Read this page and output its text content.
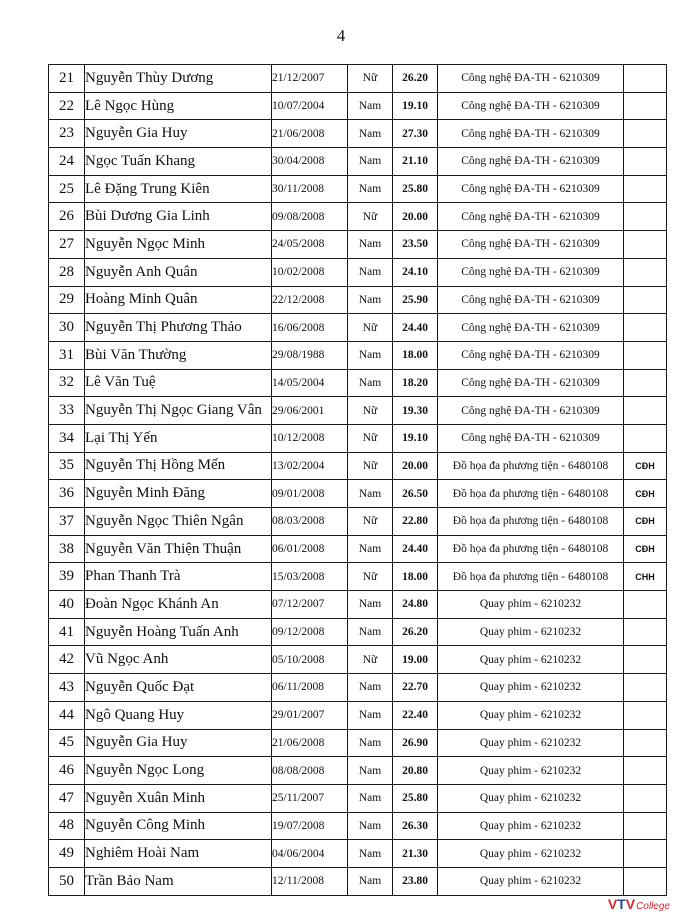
4
21	Nguyễn Thùy Dương	21/12/2007	Nữ	26.20	Công nghệ ĐA-TH - 6210309	
22	Lê Ngọc Hùng	10/07/2004	Nam	19.10	Công nghệ ĐA-TH - 6210309	
23	Nguyễn Gia Huy	21/06/2008	Nam	27.30	Công nghệ ĐA-TH - 6210309	
24	Ngọc Tuấn Khang	30/04/2008	Nam	21.10	Công nghệ ĐA-TH - 6210309	
25	Lê Đặng Trung Kiên	30/11/2008	Nam	25.80	Công nghệ ĐA-TH - 6210309	
26	Bùi Dương Gia Linh	09/08/2008	Nữ	20.00	Công nghệ ĐA-TH - 6210309	
27	Nguyễn Ngọc Minh	24/05/2008	Nam	23.50	Công nghệ ĐA-TH - 6210309	
28	Nguyễn Anh Quân	10/02/2008	Nam	24.10	Công nghệ ĐA-TH - 6210309	
29	Hoàng Minh Quân	22/12/2008	Nam	25.90	Công nghệ ĐA-TH - 6210309	
30	Nguyễn Thị Phương Thảo	16/06/2008	Nữ	24.40	Công nghệ ĐA-TH - 6210309	
31	Bùi Văn Thường	29/08/1988	Nam	18.00	Công nghệ ĐA-TH - 6210309	
32	Lê Văn Tuệ	14/05/2004	Nam	18.20	Công nghệ ĐA-TH - 6210309	
33	Nguyễn Thị Ngọc Giang Vân	29/06/2001	Nữ	19.30	Công nghệ ĐA-TH - 6210309	
34	Lại Thị Yến	10/12/2008	Nữ	19.10	Công nghệ ĐA-TH - 6210309	
35	Nguyễn Thị Hồng Mến	13/02/2004	Nữ	20.00	Đồ họa đa phương tiện - 6480108	CĐH
36	Nguyễn Minh Đăng	09/01/2008	Nam	26.50	Đồ họa đa phương tiện - 6480108	CĐH
37	Nguyễn Ngọc Thiên Ngân	08/03/2008	Nữ	22.80	Đồ họa đa phương tiện - 6480108	CĐH
38	Nguyễn Văn Thiện Thuận	06/01/2008	Nam	24.40	Đồ họa đa phương tiện - 6480108	CĐH
39	Phan Thanh Trà	15/03/2008	Nữ	18.00	Đồ họa đa phương tiện - 6480108	CHH
40	Đoàn Ngọc Khánh An	07/12/2007	Nam	24.80	Quay phim - 6210232	
41	Nguyễn Hoàng Tuấn Anh	09/12/2008	Nam	26.20	Quay phim - 6210232	
42	Vũ Ngọc Anh	05/10/2008	Nữ	19.00	Quay phim - 6210232	
43	Nguyễn Quốc Đạt	06/11/2008	Nam	22.70	Quay phim - 6210232	
44	Ngô Quang Huy	29/01/2007	Nam	22.40	Quay phim - 6210232	
45	Nguyễn Gia Huy	21/06/2008	Nam	26.90	Quay phim - 6210232	
46	Nguyễn Ngọc Long	08/08/2008	Nam	20.80	Quay phim - 6210232	
47	Nguyễn Xuân Minh	25/11/2007	Nam	25.80	Quay phim - 6210232	
48	Nguyễn Công Minh	19/07/2008	Nam	26.30	Quay phim - 6210232	
49	Nghiêm Hoài Nam	04/06/2004	Nam	21.30	Quay phim - 6210232	
50	Trần Bảo Nam	12/11/2008	Nam	23.80	Quay phim - 6210232	
VTVCollege
